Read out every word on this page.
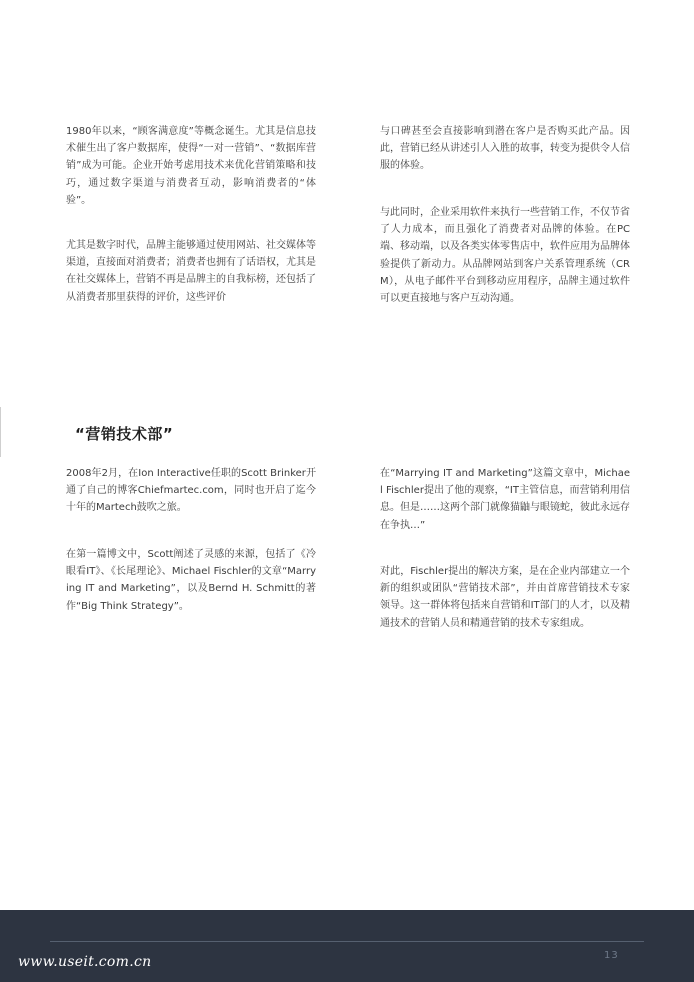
1980年以来，“顾客满意度”等概念诞生。尤其是信息技术催生出了客户数据库，使得“一对一营销”、“数据库营销”成为可能。企业开始考虑用技术来优化营销策略和技巧，通过数字渠道与消费者互动，影响消费者的“体验”。

尤其是数字时代，品牌主能够通过使用网站、社交媒体等渠道，直接面对消费者；消费者也拥有了话语权，尤其是在社交媒体上，营销不再是品牌主的自我标榜，还包括了从消费者那里获得的评价，这些评价

与口碑甚至会直接影响到潜在客户是否购买此产品。因此，营销已经从讲述引人入胜的故事，转变为提供令人信服的体验。

与此同时，企业采用软件来执行一些营销工作，不仅节省了人力成本，而且强化了消费者对品牌的体验。在PC端、移动端，以及各类实体零售店中，软件应用为品牌体验提供了新动力。从品牌网站到客户关系管理系统（CRM），从电子邮件平台到移动应用程序，品牌主通过软件可以更直接地与客户互动沟通。

“营销技术部”

2008年2月，在Ion Interactive任职的Scott Brinker开通了自己的博客Chiefmartec.com，同时也开启了迄今十年的Martech鼓吹之旅。

在第一篇博文中，Scott阐述了灵感的来源，包括了《冷眼看IT》、《长尾理论》、Michael Fischler的文章“Marrying IT and Marketing”，以及Bernd H. Schmitt的著作“Big Think Strategy”。

在“Marrying IT and Marketing”这篇文章中，Michael Fischler提出了他的观察，“IT主管信息，而营销利用信息。但是……这两个部门就像猫鼬与眼镜蛇，彼此永远存在争执…”

对此，Fischler提出的解决方案，是在企业内部建立一个新的组织或团队“营销技术部”，并由首席营销技术专家领导。这一群体将包括来自营销和IT部门的人才，以及精通技术的营销人员和精通营销的技术专家组成。

13
www.useit.com.cn
